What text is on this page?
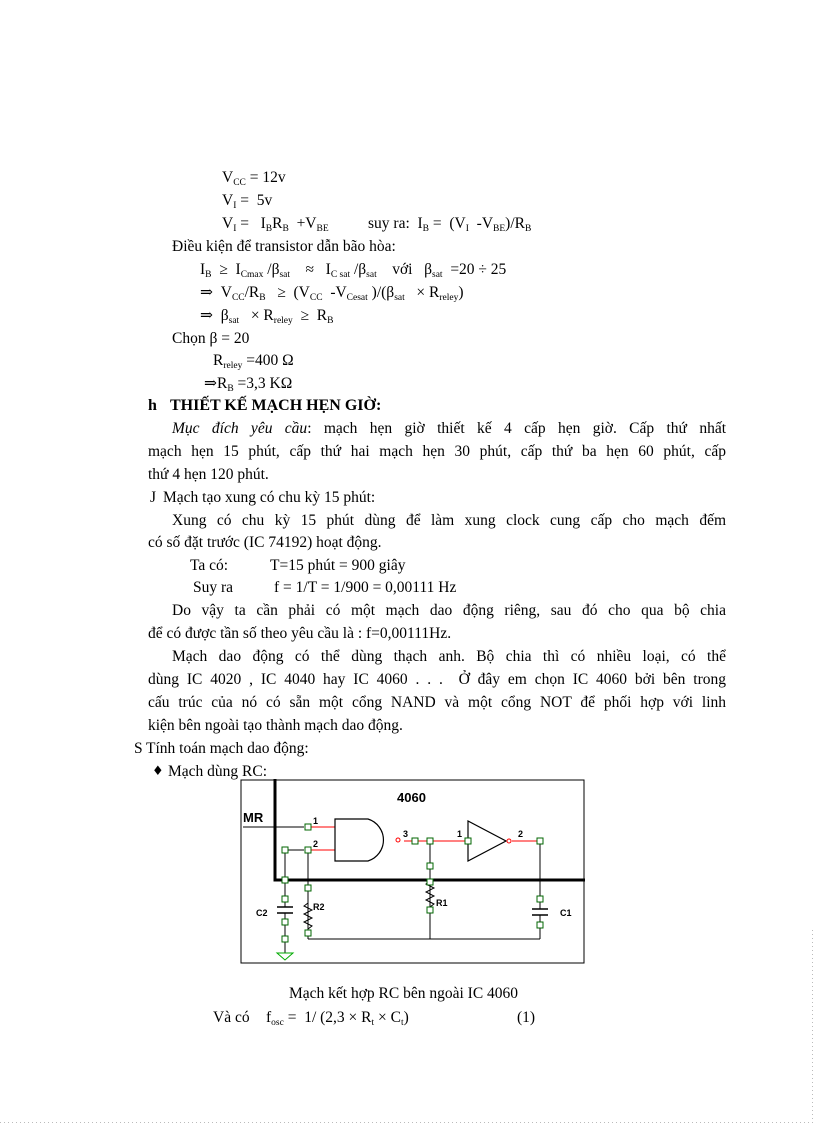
$V_{CC} = 12v$
$V_I = 5v$
$V_I = I_BR_B +V_{BE}$	suy ra:  $I_B = (V_I$  $-V_{BE})/R_B$
Điều kiện để transistor dẫn bão hòa:
$I_B \ge I_{Cmax}$ $/\beta_{sat}$    ≈   $I_{C sat}$ $/\beta_{sat}$    với   $\beta_{sat} =20 \div 25$
⇒  $V_{CC}/R_B \ge (V_{CC}$  $-V_{Cesat}$ )$/(\beta_{sat} \times R_{reley})$
⇒  $\beta_{sat} \times R_{reley} \ge R_B$
Chọn β = 20
$R_{reley} =400$ Ω
$\Rightarrow R_B =3,3$ KΩ
h THIẾT KẾ MẠCH HẸN GIỜ:
Mục đích yêu cầu: mạch hẹn giờ thiết kế 4 cấp hẹn giờ. Cấp thứ nhất
mạch hẹn 15 phút, cấp thứ hai mạch hẹn 30 phút, cấp thứ ba hẹn 60 phút, cấp
thứ 4 hẹn 120 phút.
J Mạch tạo xung có chu kỳ 15 phút:
Xung có chu kỳ 15 phút dùng để làm xung clock cung cấp cho mạch đếm
có số đặt trước (IC 74192) hoạt động.
Ta có:	T=15 phút = 900 giây
Suy ra	f = 1/T = 1/900 = 0,00111 Hz
Do vậy ta cần phải có một mạch dao động riêng, sau đó cho qua bộ chia
để có được tần số theo yêu cầu là : f=0,00111Hz.
Mạch dao động có thể dùng thạch anh. Bộ chia thì có nhiều loại, có thể
dùng IC 4020 , IC 4040 hay IC 4060 . . .  Ở đây em chọn IC 4060 bởi bên trong
cấu trúc của nó có sẵn một cổng NAND và một cổng NOT để phối hợp với linh
kiện bên ngoài tạo thành mạch dao động.
S Tính toán mạch dao động:
♦ Mạch dùng RC:
4060
MR	1
2
3	1	2
C2
R2	R1
C1
Mạch kết hợp RC bên ngoài IC 4060
Và có $f_{osc} = 1/$ $(2,3 \times R_t \times C_t)$	(1)
